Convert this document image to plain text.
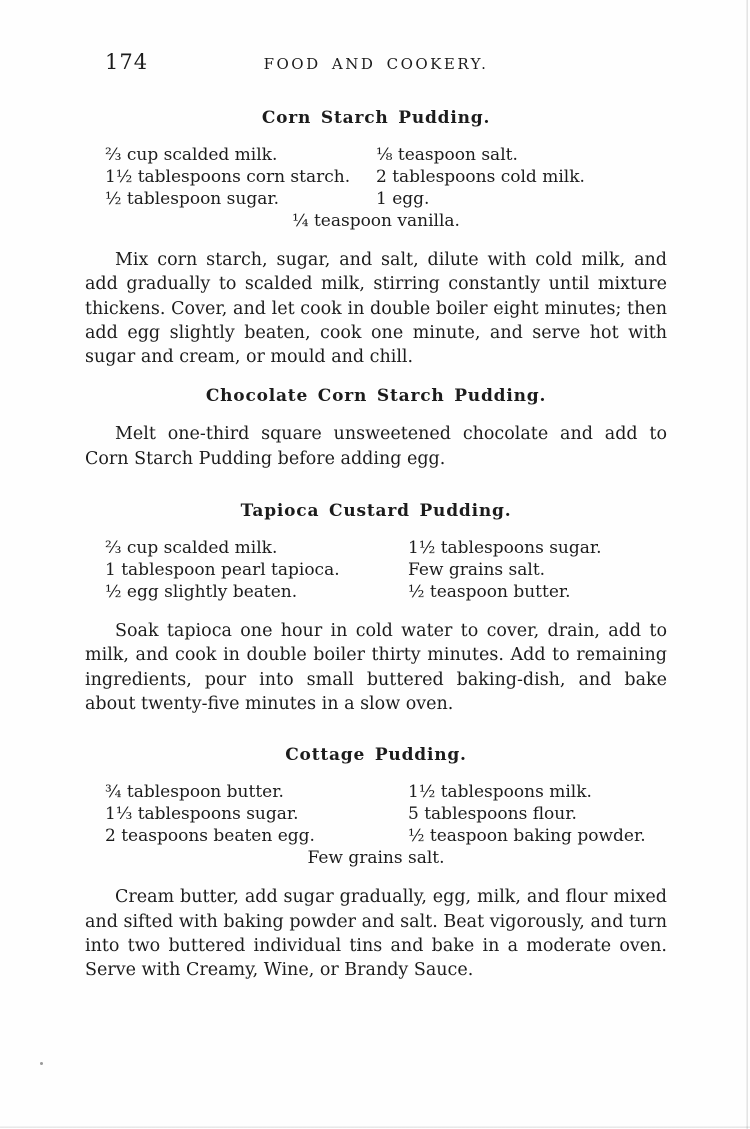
174	FOOD AND COOKERY.
Corn Starch Pudding.
⅔ cup scalded milk.	⅛ teaspoon salt.
1½ tablespoons corn starch.	2 tablespoons cold milk.
½ tablespoon sugar.	1 egg.
¼ teaspoon vanilla.
Mix corn starch, sugar, and salt, dilute with cold milk, and add gradually to scalded milk, stirring constantly until mixture thickens. Cover, and let cook in double boiler eight minutes; then add egg slightly beaten, cook one minute, and serve hot with sugar and cream, or mould and chill.
Chocolate Corn Starch Pudding.
Melt one-third square unsweetened chocolate and add to Corn Starch Pudding before adding egg.
Tapioca Custard Pudding.
⅔ cup scalded milk.	1½ tablespoons sugar.
1 tablespoon pearl tapioca.	Few grains salt.
½ egg slightly beaten.	½ teaspoon butter.
Soak tapioca one hour in cold water to cover, drain, add to milk, and cook in double boiler thirty minutes. Add to remaining ingredients, pour into small buttered baking-dish, and bake about twenty-five minutes in a slow oven.
Cottage Pudding.
¾ tablespoon butter.	1½ tablespoons milk.
1⅓ tablespoons sugar.	5 tablespoons flour.
2 teaspoons beaten egg.	½ teaspoon baking powder.
Few grains salt.
Cream butter, add sugar gradually, egg, milk, and flour mixed and sifted with baking powder and salt. Beat vigorously, and turn into two buttered individual tins and bake in a moderate oven. Serve with Creamy, Wine, or Brandy Sauce.
